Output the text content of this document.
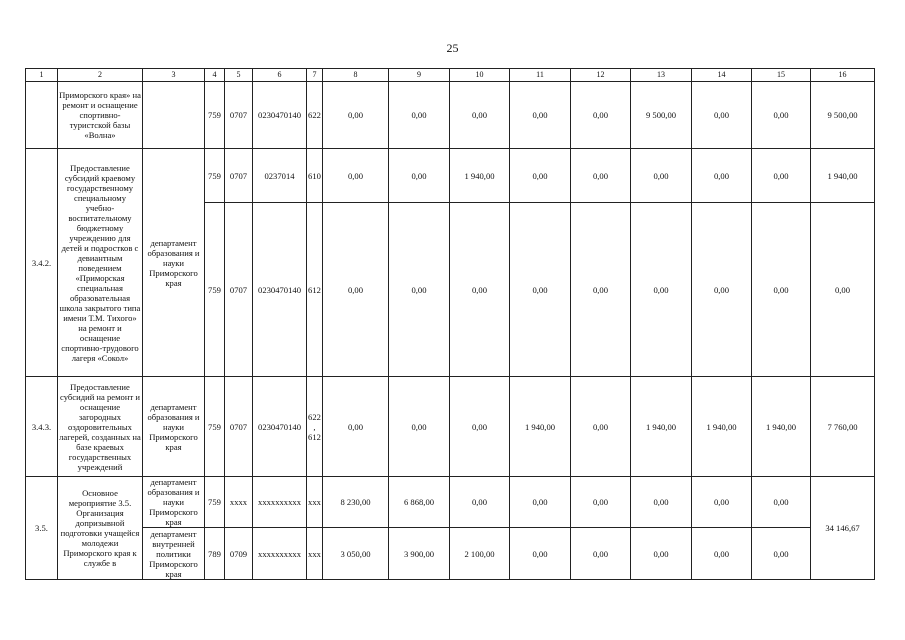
25
1	2	3	4	5	6	7	8	9	10	11	12	13	14	15	16
	Приморского края» на ремонт и оснащение спортивно-туристской базы «Волна»		759	0707	0230470140	622	0,00	0,00	0,00	0,00	0,00	9 500,00	0,00	0,00	9 500,00
3.4.2.	Предоставление субсидий краевому государственному специальному учебно-воспитательному бюджетному учреждению для детей и подростков с девиантным поведением «Приморская специальная образовательная школа закрытого типа имени Т.М. Тихого» на ремонт и оснащение спортивно-трудового лагеря «Сокол»	департамент образования и науки Приморского края	759	0707	0237014	610	0,00	0,00	1 940,00	0,00	0,00	0,00	0,00	0,00	1 940,00
			759	0707	0230470140	612	0,00	0,00	0,00	0,00	0,00	0,00	0,00	0,00	0,00
3.4.3.	Предоставление субсидий на ремонт и оснащение загородных оздоровительных лагерей, созданных на базе краевых государственных учреждений	департамент образования и науки Приморского края	759	0707	0230470140	622, 612	0,00	0,00	0,00	1 940,00	0,00	1 940,00	1 940,00	1 940,00	7 760,00
3.5.	Основное мероприятие 3.5. Организация допризывной подготовки учащейся молодежи Приморского края к службе в	департамент образования и науки Приморского края	759	xxxx	xxxxxxxxxx	xxx	8 230,00	6 868,00	0,00	0,00	0,00	0,00	0,00	0,00	34 146,67
		департамент внутренней политики Приморского края	789	0709	xxxxxxxxxx	xxx	3 050,00	3 900,00	2 100,00	0,00	0,00	0,00	0,00	0,00	
